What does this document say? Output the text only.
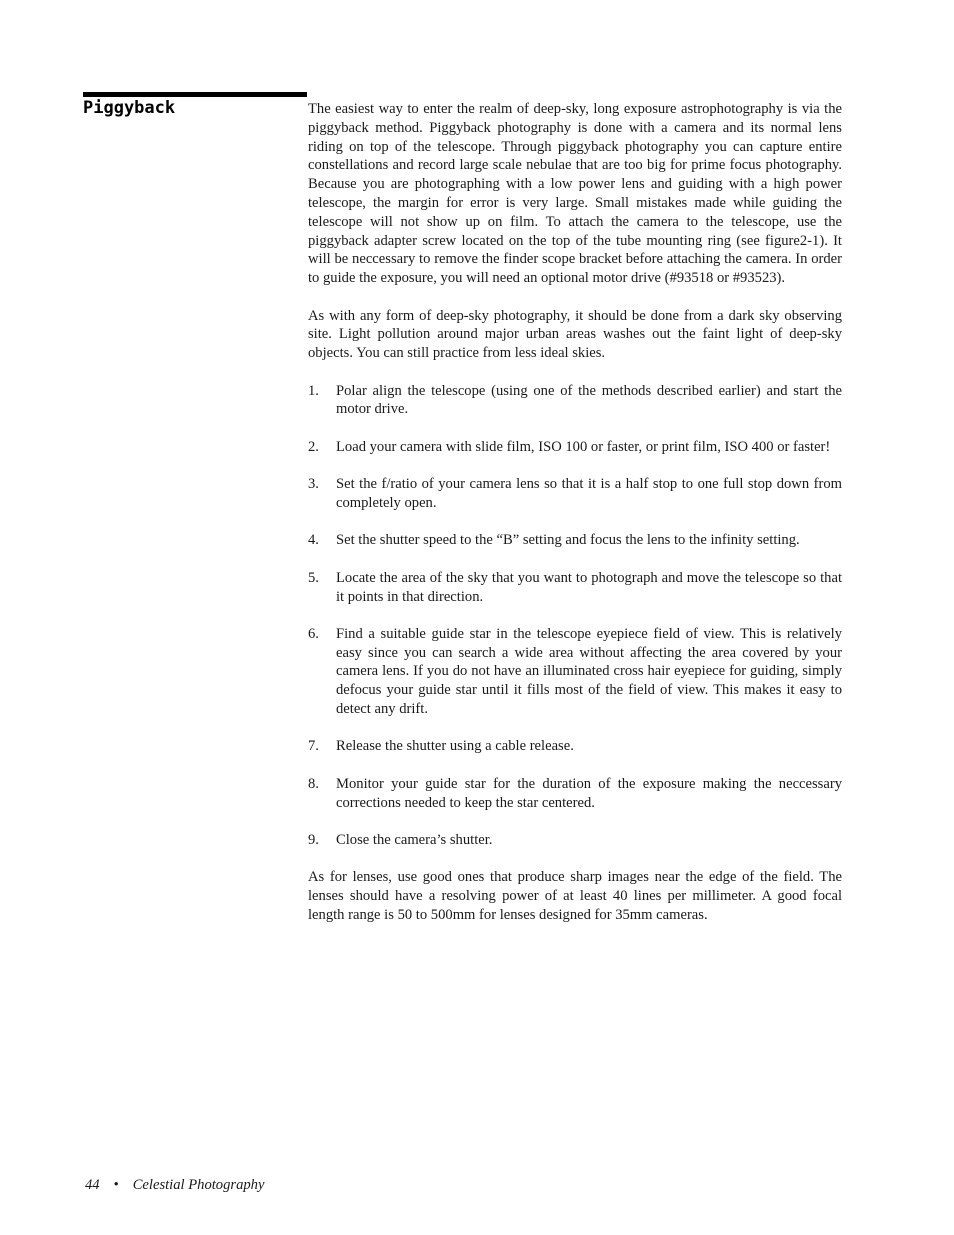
Piggyback	The easiest way to enter the realm of deep-sky, long exposure astrophotography is via the piggyback method. Piggyback photography is done with a camera and its normal lens riding on top of the telescope. Through piggyback photography you can capture entire constellations and record large scale nebulae that are too big for prime focus photography. Because you are photographing with a low power lens and guiding with a high power telescope, the margin for error is very large. Small mistakes made while guiding the telescope will not show up on film. To attach the camera to the telescope, use the piggyback adapter screw located on the top of the tube mounting ring (see figure2-1). It will be neccessary to remove the finder scope bracket before attaching the camera. In order to guide the exposure, you will need an optional motor drive (#93518 or #93523).

As with any form of deep-sky photography, it should be done from a dark sky observing site. Light pollution around major urban areas washes out the faint light of deep-sky objects. You can still practice from less ideal skies.

1. Polar align the telescope (using one of the methods described earlier) and start the motor drive.
2. Load your camera with slide film, ISO 100 or faster, or print film, ISO 400 or faster!
3. Set the f/ratio of your camera lens so that it is a half stop to one full stop down from completely open.
4. Set the shutter speed to the “B” setting and focus the lens to the infinity setting.
5. Locate the area of the sky that you want to photograph and move the telescope so that it points in that direction.
6. Find a suitable guide star in the telescope eyepiece field of view. This is relatively easy since you can search a wide area without affecting the area covered by your camera lens. If you do not have an illuminated cross hair eyepiece for guiding, simply defocus your guide star until it fills most of the field of view. This makes it easy to detect any drift.
7. Release the shutter using a cable release.
8. Monitor your guide star for the duration of the exposure making the neccessary corrections needed to keep the star centered.
9. Close the camera’s shutter.

As for lenses, use good ones that produce sharp images near the edge of the field. The lenses should have a resolving power of at least 40 lines per millimeter. A good focal length range is 50 to 500mm for lenses designed for 35mm cameras.

44 • Celestial Photography
